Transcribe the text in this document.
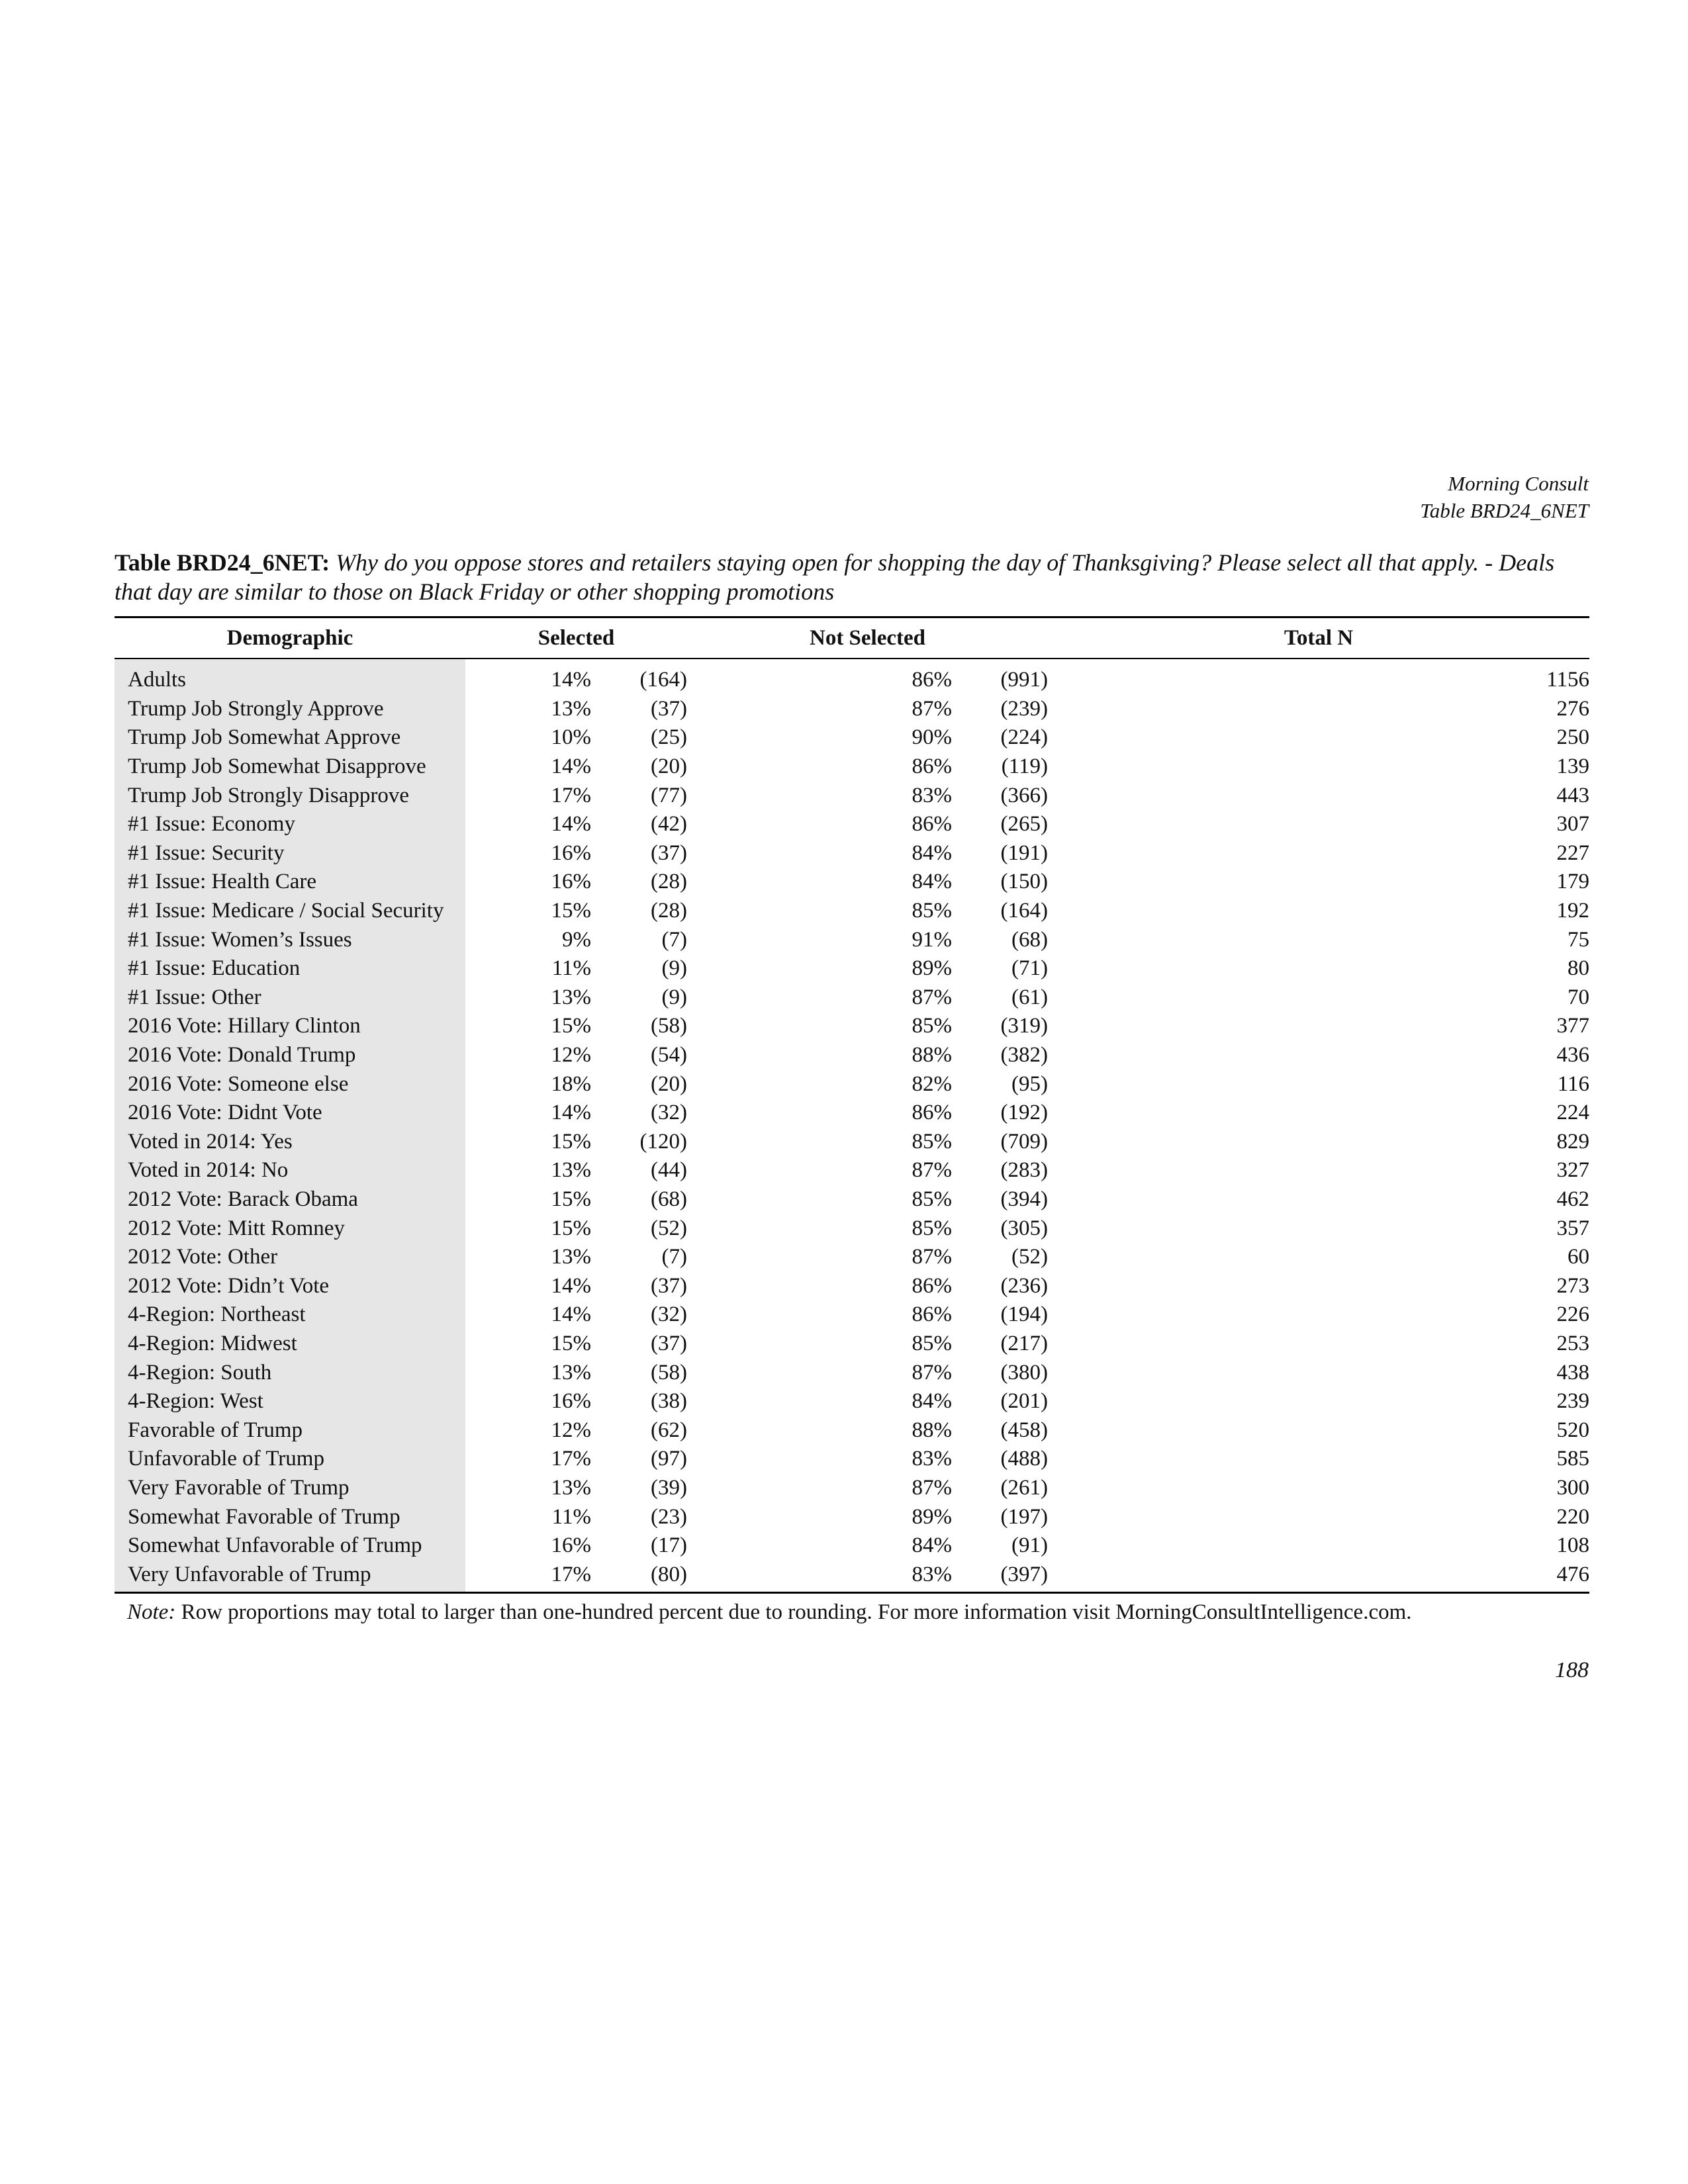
Morning Consult
Table BRD24_6NET
Table BRD24_6NET: Why do you oppose stores and retailers staying open for shopping the day of Thanksgiving? Please select all that apply. - Deals that day are similar to those on Black Friday or other shopping promotions
Demographic	Selected		Not Selected		Total N
Adults	14%	(164)	86%	(991)	1156
Trump Job Strongly Approve	13%	(37)	87%	(239)	276
Trump Job Somewhat Approve	10%	(25)	90%	(224)	250
Trump Job Somewhat Disapprove	14%	(20)	86%	(119)	139
Trump Job Strongly Disapprove	17%	(77)	83%	(366)	443
#1 Issue: Economy	14%	(42)	86%	(265)	307
#1 Issue: Security	16%	(37)	84%	(191)	227
#1 Issue: Health Care	16%	(28)	84%	(150)	179
#1 Issue: Medicare / Social Security	15%	(28)	85%	(164)	192
#1 Issue: Women’s Issues	9%	(7)	91%	(68)	75
#1 Issue: Education	11%	(9)	89%	(71)	80
#1 Issue: Other	13%	(9)	87%	(61)	70
2016 Vote: Hillary Clinton	15%	(58)	85%	(319)	377
2016 Vote: Donald Trump	12%	(54)	88%	(382)	436
2016 Vote: Someone else	18%	(20)	82%	(95)	116
2016 Vote: Didnt Vote	14%	(32)	86%	(192)	224
Voted in 2014: Yes	15%	(120)	85%	(709)	829
Voted in 2014: No	13%	(44)	87%	(283)	327
2012 Vote: Barack Obama	15%	(68)	85%	(394)	462
2012 Vote: Mitt Romney	15%	(52)	85%	(305)	357
2012 Vote: Other	13%	(7)	87%	(52)	60
2012 Vote: Didn’t Vote	14%	(37)	86%	(236)	273
4-Region: Northeast	14%	(32)	86%	(194)	226
4-Region: Midwest	15%	(37)	85%	(217)	253
4-Region: South	13%	(58)	87%	(380)	438
4-Region: West	16%	(38)	84%	(201)	239
Favorable of Trump	12%	(62)	88%	(458)	520
Unfavorable of Trump	17%	(97)	83%	(488)	585
Very Favorable of Trump	13%	(39)	87%	(261)	300
Somewhat Favorable of Trump	11%	(23)	89%	(197)	220
Somewhat Unfavorable of Trump	16%	(17)	84%	(91)	108
Very Unfavorable of Trump	17%	(80)	83%	(397)	476
Note: Row proportions may total to larger than one-hundred percent due to rounding. For more information visit MorningConsultIntelligence.com.
188
